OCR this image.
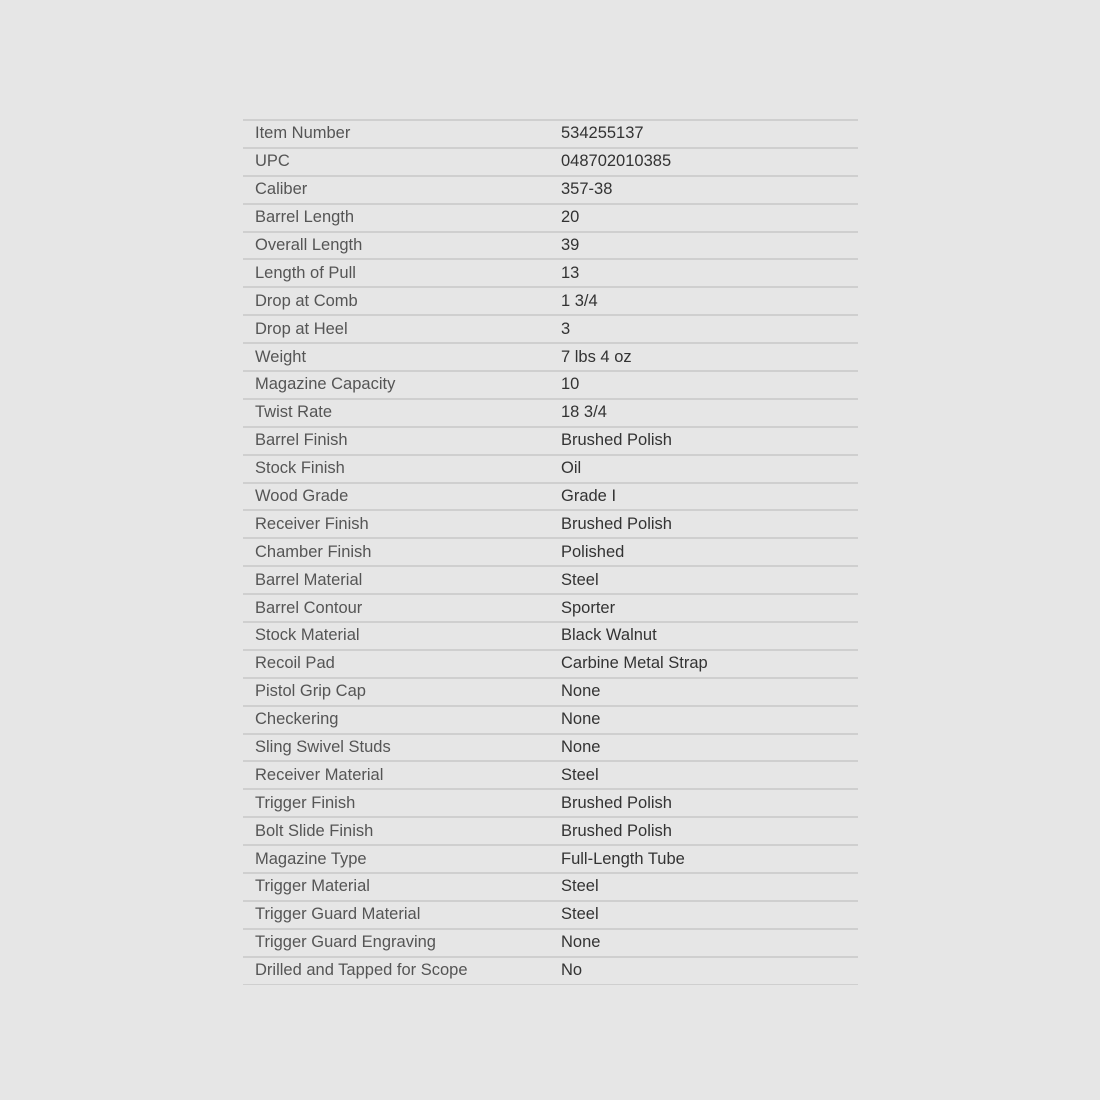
Item Number	534255137
UPC	048702010385
Caliber	357-38
Barrel Length	20
Overall Length	39
Length of Pull	13
Drop at Comb	1 3/4
Drop at Heel	3
Weight	7 lbs 4 oz
Magazine Capacity	10
Twist Rate	18 3/4
Barrel Finish	Brushed Polish
Stock Finish	Oil
Wood Grade	Grade I
Receiver Finish	Brushed Polish
Chamber Finish	Polished
Barrel Material	Steel
Barrel Contour	Sporter
Stock Material	Black Walnut
Recoil Pad	Carbine Metal Strap
Pistol Grip Cap	None
Checkering	None
Sling Swivel Studs	None
Receiver Material	Steel
Trigger Finish	Brushed Polish
Bolt Slide Finish	Brushed Polish
Magazine Type	Full-Length Tube
Trigger Material	Steel
Trigger Guard Material	Steel
Trigger Guard Engraving	None
Drilled and Tapped for Scope	No
